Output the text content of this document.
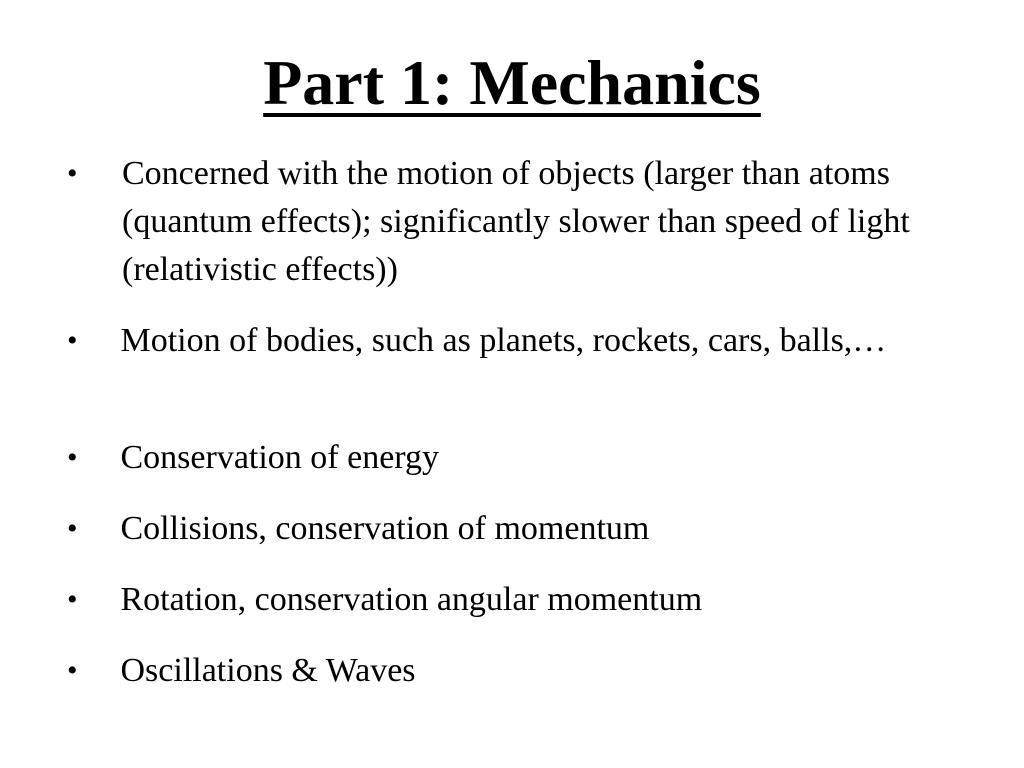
Part 1: Mechanics
• Concerned with the motion of objects (larger than atoms (quantum effects); significantly slower than speed of light (relativistic effects))
• Motion of bodies, such as planets, rockets, cars, balls,…
• Conservation of energy
• Collisions, conservation of momentum
• Rotation, conservation angular momentum
• Oscillations & Waves
